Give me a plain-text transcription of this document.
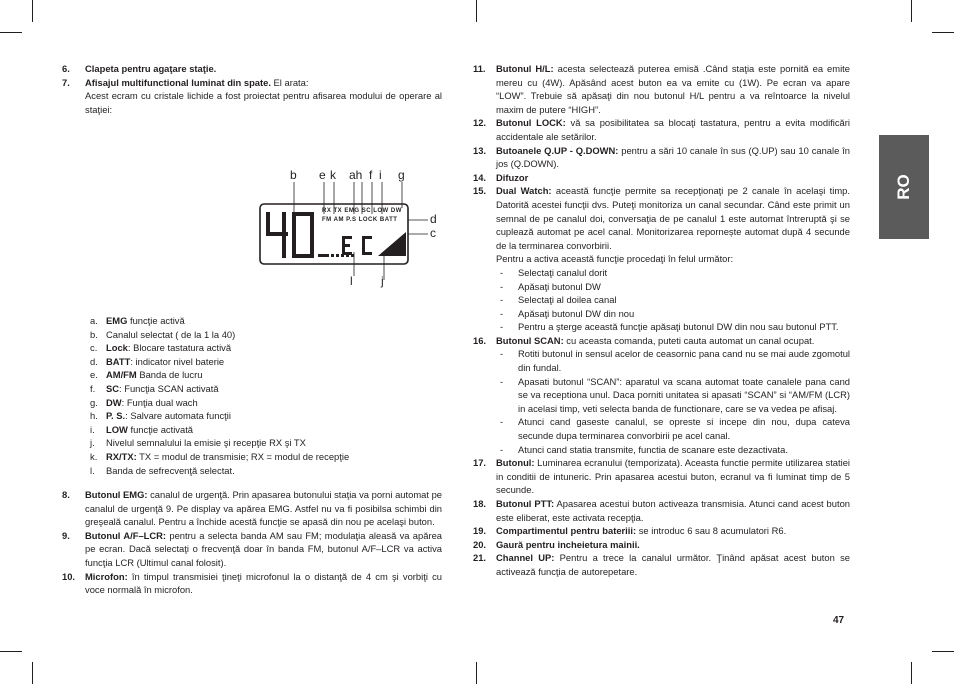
6.	Clapeta pentru agaţare staţie.
7.	Afisajul multifunctional luminat din spate. El arata:
Acest ecram cu cristale lichide a fost proiectat pentru afisarea modului de operare al staţiei:
RX TX EMG SC LOW DW
FM AM P.S LOCK BATT
b e k ah f i g
d
c
l j
a. EMG funcţie activă
b. Canalul selectat ( de la 1 la 40)
c. Lock: Blocare tastatura activă
d. BATT: indicator nivel baterie
e. AM/FM Banda de lucru
f.	SC: Funcţia SCAN activată
g. DW: Funţia dual wach
h. P. S.: Salvare automata funcţii
i.	LOW funcţie activată
j.	Nivelul semnalului la emisie şi recepţie RX şi TX
k. RX/TX: TX = modul de transmisie; RX = modul de recepţie
l.	Banda de sefrecvenţă selectat.
8.	Butonul EMG: canalul de urgenţă. Prin apasarea butonului staţia va porni automat pe canalul de urgenţă 9. Pe display va apărea EMG. Astfel nu va fi posibilsa schimbi din greşeală canalul. Pentru a închide acestă funcţie se apasă din nou pe acelaşi buton.
9.	Butonul A/F–LCR: pentru a selecta banda AM sau FM; modulaţia aleasă va apărea pe ecran. Dacă selectaţi o frecvenţă doar în banda FM, butonul A/F–LCR va activa funcţia LCR (Ultimul canal folosit).
10.	Microfon: în timpul transmisiei ţineţi microfonul la o distanţă de 4 cm şi vorbiţi cu voce normală în microfon.
11.	Butonul H/L: acesta selectează puterea emisă .Când staţia este pornită ea emite mereu cu (4W). Apăsând acest buton ea va emite cu (1W). Pe ecran va apare “LOW”. Trebuie să apăsaţi din nou butonul H/L pentru a va reîntoarce la nivelul maxim de putere “HIGH”.
12.	Butonul LOCK: vă sa posibilitatea sa blocaţi tastatura, pentru a evita modificări accidentale ale setărilor.
13.	Butoanele Q.UP - Q.DOWN: pentru a sări 10 canale în sus (Q.UP) sau 10 canale în jos (Q.DOWN).
14.	Difuzor
15.	Dual Watch: această funcţie permite sa recepţionaţi pe 2 canale în acelaşi timp. Datorită acestei funcţii dvs. Puteţi monitoriza un canal secundar. Când este primit un semnal de pe canalul doi, conversaţia de pe canalul 1 este automat întreruptă şi se cuplează automat pe acel canal. Monitorizarea repornește automat după 4 secunde de la terminarea convorbirii.
Pentru a activa această funcţie procedaţi în felul următor:
-	Selectaţi canalul dorit
-	Apăsaţi butonul DW
-	Selectaţi al doilea canal
-	Apăsaţi butonul DW din nou
-	Pentru a şterge această funcţie apăsaţi butonul DW din nou sau butonul PTT.
16.	Butonul SCAN: cu aceasta comanda, puteti cauta automat un canal ocupat.
-	Rotiti butonul in sensul acelor de ceasornic pana cand nu se mai aude zgomotul din fundal.
-	Apasati butonul “SCAN”: aparatul va scana automat toate canalele pana cand se va receptiona unul. Daca porniti unitatea si apasati “SCAN” si “AM/FM (LCR) in acelasi timp, veti selecta banda de functionare, care se va vedea pe afisaj.
-	Atunci cand gaseste canalul, se opreste si incepe din nou, dupa cateva secunde dupa terminarea convorbirii pe acel canal.
-	Atunci cand statia transmite, functia de scanare este dezactivata.
17.	Butonul: Luminarea ecranului (temporizata). Aceasta functie permite utilizarea statiei in conditii de intuneric. Prin apasarea acestui buton, ecranul va fi luminat timp de 5 secunde.
18.	Butonul PTT: Apasarea acestui buton activeaza transmisia. Atunci cand acest buton este eliberat, este activata recepţia.
19.	Compartimentul pentru bateriii: se introduc 6 sau 8 acumulatori R6.
20.	Gaură pentru incheietura mainii.
21.	Channel UP: Pentru a trece la canalul următor. Ţinând apăsat acest buton se activează funcţia de autorepetare.
RO
47
